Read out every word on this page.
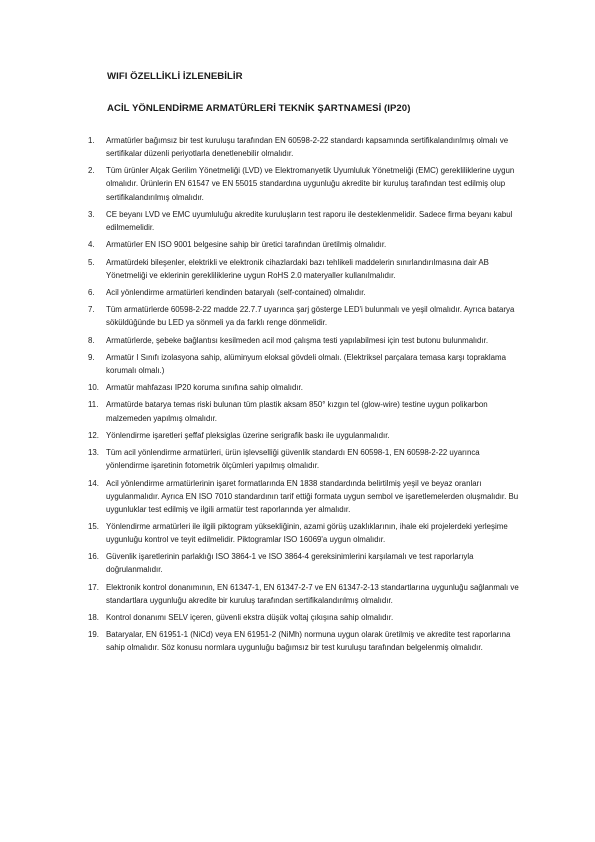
WIFI ÖZELLİKLİ İZLENEBİLİR
ACİL YÖNLENDİRME ARMATÜRLERİ TEKNİK ŞARTNAMESİ (IP20)
1.	Armatürler bağımsız bir test kuruluşu tarafından EN 60598-2-22 standardı kapsamında sertifikalandırılmış olmalı ve sertifikalar düzenli periyotlarla denetlenebilir olmalıdır.
2.	Tüm ürünler Alçak Gerilim Yönetmeliği (LVD) ve Elektromanyetik Uyumluluk Yönetmeliği (EMC) gerekliliklerine uygun olmalıdır. Ürünlerin EN 61547 ve EN 55015 standardına uygunluğu akredite bir kuruluş tarafından test edilmiş olup sertifikalandırılmış olmalıdır.
3.	CE beyanı LVD ve EMC uyumluluğu akredite kuruluşların test raporu ile desteklenmelidir. Sadece firma beyanı kabul edilmemelidir.
4.	Armatürler EN ISO 9001 belgesine sahip bir üretici tarafından üretilmiş olmalıdır.
5.	Armatürdeki bileşenler, elektrikli ve elektronik cihazlardaki bazı tehlikeli maddelerin sınırlandırılmasına dair AB Yönetmeliği ve eklerinin gerekliliklerine uygun RoHS 2.0 materyaller kullanılmalıdır.
6.	Acil yönlendirme armatürleri kendinden bataryalı (self-contained) olmalıdır.
7.	Tüm armatürlerde 60598-2-22 madde 22.7.7 uyarınca şarj gösterge LED'i bulunmalı ve yeşil olmalıdır. Ayrıca batarya söküldüğünde bu LED ya sönmeli ya da farklı renge dönmelidir.
8.	Armatürlerde, şebeke bağlantısı kesilmeden acil mod çalışma testi yapılabilmesi için test butonu bulunmalıdır.
9.	Armatür I Sınıfı izolasyona sahip, alüminyum eloksal gövdeli olmalı. (Elektriksel parçalara temasa karşı topraklama korumalı olmalı.)
10. Armatür mahfazası IP20 koruma sınıfına sahip olmalıdır.
11. Armatürde batarya temas riski bulunan tüm plastik aksam 850° kızgın tel (glow-wire) testine uygun polikarbon malzemeden yapılmış olmalıdır.
12. Yönlendirme işaretleri şeffaf pleksiglas üzerine serigrafik baskı ile uygulanmalıdır.
13. Tüm acil yönlendirme armatürleri, ürün işlevselliği güvenlik standardı EN 60598-1, EN 60598-2-22 uyarınca yönlendirme işaretinin fotometrik ölçümleri yapılmış olmalıdır.
14. Acil yönlendirme armatürlerinin işaret formatlarında EN 1838 standardında belirtilmiş yeşil ve beyaz oranları uygulanmalıdır. Ayrıca EN ISO 7010 standardının tarif ettiği formata uygun sembol ve işaretlemelerden oluşmalıdır. Bu uygunluklar test edilmiş ve ilgili armatür test raporlarında yer almalıdır.
15. Yönlendirme armatürleri ile ilgili piktogram yüksekliğinin, azami görüş uzaklıklarının, ihale eki projelerdeki yerleşime uygunluğu kontrol ve teyit edilmelidir. Piktogramlar ISO 16069'a uygun olmalıdır.
16. Güvenlik işaretlerinin parlaklığı ISO 3864-1 ve ISO 3864-4 gereksinimlerini karşılamalı ve test raporlarıyla doğrulanmalıdır.
17. Elektronik kontrol donanımının, EN 61347-1, EN 61347-2-7 ve EN 61347-2-13 standartlarına uygunluğu sağlanmalı ve standartlara uygunluğu akredite bir kuruluş tarafından sertifikalandırılmış olmalıdır.
18. Kontrol donanımı SELV içeren, güvenli ekstra düşük voltaj çıkışına sahip olmalıdır.
19. Bataryalar, EN 61951-1 (NiCd) veya EN 61951-2 (NiMh) normuna uygun olarak üretilmiş ve akredite test raporlarına sahip olmalıdır. Söz konusu normlara uygunluğu bağımsız bir test kuruluşu tarafından belgelenmiş olmalıdır.
